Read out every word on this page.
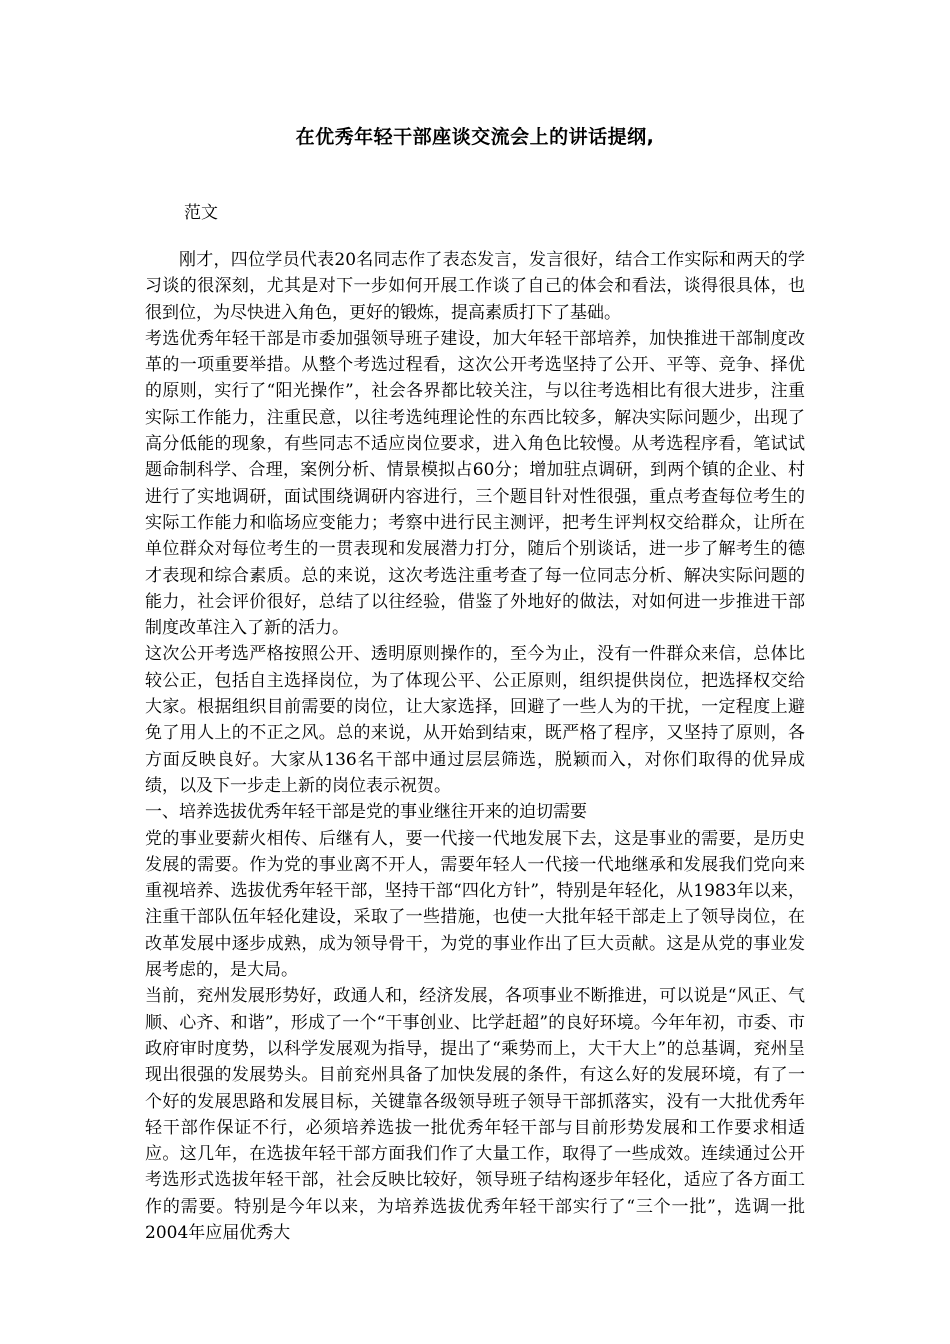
在优秀年轻干部座谈交流会上的讲话提纲,
范文

刚才，四位学员代表20名同志作了表态发言，发言很好，结合工作实际和两天的学习谈的很深刻，尤其是对下一步如何开展工作谈了自己的体会和看法，谈得很具体，也很到位，为尽快进入角色，更好的锻炼，提高素质打下了基础。

考选优秀年轻干部是市委加强领导班子建设，加大年轻干部培养，加快推进干部制度改革的一项重要举措。从整个考选过程看，这次公开考选坚持了公开、平等、竞争、择优的原则，实行了“阳光操作”，社会各界都比较关注，与以往考选相比有很大进步，注重实际工作能力，注重民意，以往考选纯理论性的东西比较多，解决实际问题少，出现了高分低能的现象，有些同志不适应岗位要求，进入角色比较慢。从考选程序看，笔试试题命制科学、合理，案例分析、情景模拟占60分；增加驻点调研，到两个镇的企业、村进行了实地调研，面试围绕调研内容进行，三个题目针对性很强，重点考查每位考生的实际工作能力和临场应变能力；考察中进行民主测评，把考生评判权交给群众，让所在单位群众对每位考生的一贯表现和发展潜力打分，随后个别谈话，进一步了解考生的德才表现和综合素质。总的来说，这次考选注重考查了每一位同志分析、解决实际问题的能力，社会评价很好，总结了以往经验，借鉴了外地好的做法，对如何进一步推进干部制度改革注入了新的活力。

这次公开考选严格按照公开、透明原则操作的，至今为止，没有一件群众来信，总体比较公正，包括自主选择岗位，为了体现公平、公正原则，组织提供岗位，把选择权交给大家。根据组织目前需要的岗位，让大家选择，回避了一些人为的干扰，一定程度上避免了用人上的不正之风。总的来说，从开始到结束，既严格了程序，又坚持了原则，各方面反映良好。大家从136名干部中通过层层筛选，脱颖而入，对你们取得的优异成绩，以及下一步走上新的岗位表示祝贺。

一、培养选拔优秀年轻干部是党的事业继往开来的迫切需要

党的事业要薪火相传、后继有人，要一代接一代地发展下去，这是事业的需要，是历史发展的需要。作为党的事业离不开人，需要年轻人一代接一代地继承和发展我们党向来重视培养、选拔优秀年轻干部，坚持干部“四化方针”，特别是年轻化，从1983年以来，注重干部队伍年轻化建设，采取了一些措施，也使一大批年轻干部走上了领导岗位，在改革发展中逐步成熟，成为领导骨干，为党的事业作出了巨大贡献。这是从党的事业发展考虑的，是大局。

当前，兖州发展形势好，政通人和，经济发展，各项事业不断推进，可以说是“风正、气顺、心齐、和谐”，形成了一个“干事创业、比学赶超”的良好环境。今年年初，市委、市政府审时度势，以科学发展观为指导，提出了“乘势而上，大干大上”的总基调，兖州呈现出很强的发展势头。目前兖州具备了加快发展的条件，有这么好的发展环境，有了一个好的发展思路和发展目标，关键靠各级领导班子领导干部抓落实，没有一大批优秀年轻干部作保证不行，必须培养选拔一批优秀年轻干部与目前形势发展和工作要求相适应。这几年，在选拔年轻干部方面我们作了大量工作，取得了一些成效。连续通过公开考选形式选拔年轻干部，社会反映比较好，领导班子结构逐步年轻化，适应了各方面工作的需要。特别是今年以来，为培养选拔优秀年轻干部实行了“三个一批”，选调一批2004年应届优秀大
